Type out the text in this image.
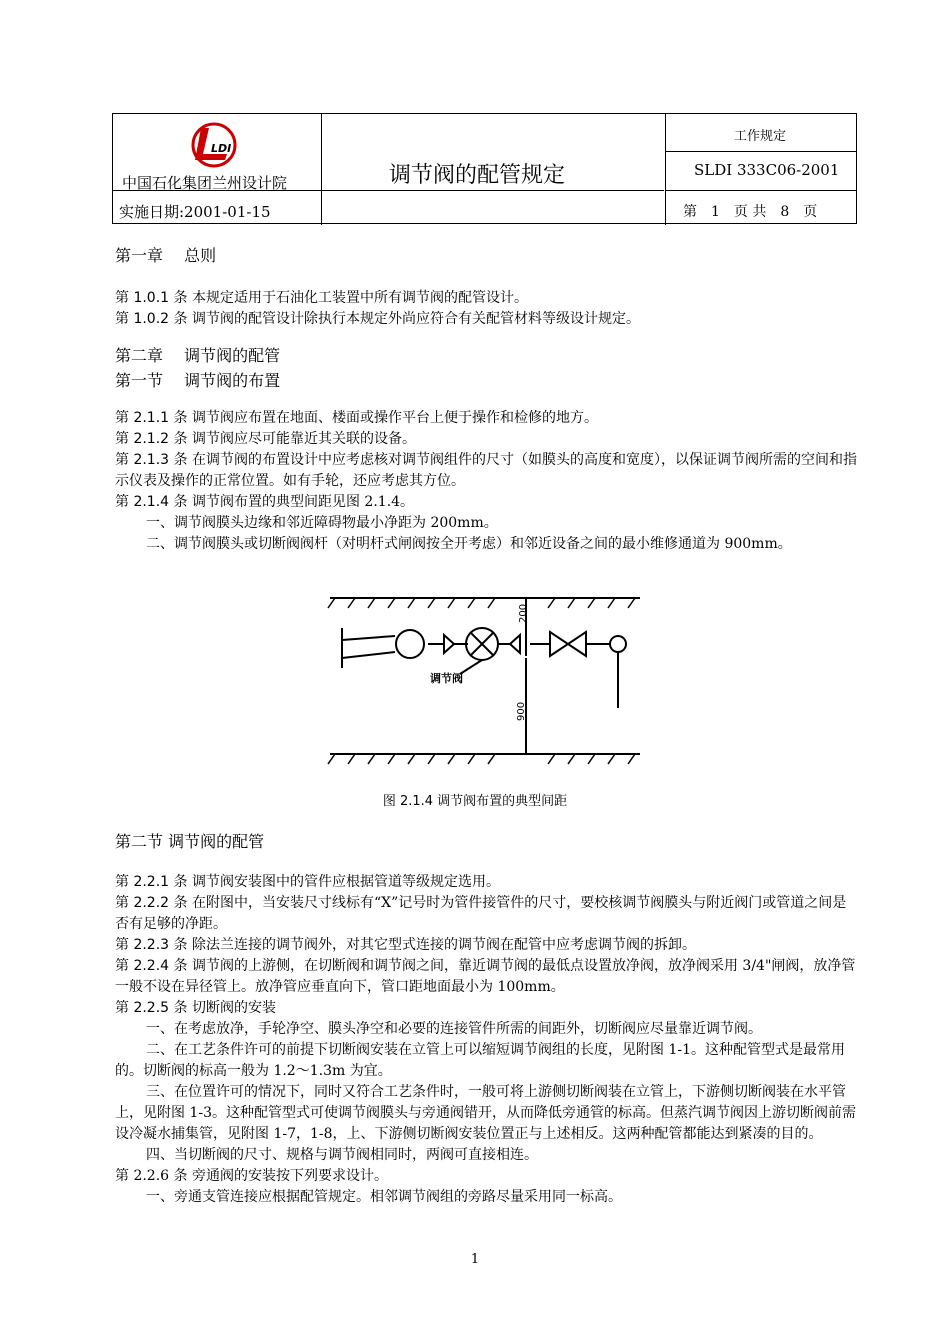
LDI
中国石化集团兰州设计院
实施日期:2001-01-15
调节阀的配管规定
工作规定
SLDI 333C06-2001
第　1　页 共　8　页

第一章　 总则

第 1.0.1 条 本规定适用于石油化工装置中所有调节阀的配管设计。

第 1.0.2 条 调节阀的配管设计除执行本规定外尚应符合有关配管材料等级设计规定。

第二章　 调节阀的配管

第一节　 调节阀的布置

第 2.1.1 条 调节阀应布置在地面、楼面或操作平台上便于操作和检修的地方。

第 2.1.2 条 调节阀应尽可能靠近其关联的设备。

第 2.1.3 条 在调节阀的布置设计中应考虑核对调节阀组件的尺寸（如膜头的高度和宽度），以保证调节阀所需的空间和指示仪表及操作的正常位置。如有手轮，还应考虑其方位。

第 2.1.4 条 调节阀布置的典型间距见图 2.1.4。

一、调节阀膜头边缘和邻近障碍物最小净距为 200mm。

二、调节阀膜头或切断阀阀杆（对明杆式闸阀按全开考虑）和邻近设备之间的最小维修通道为 900mm。

200
900
调节阀
图 2.1.4 调节阀布置的典型间距

第二节 调节阀的配管

第 2.2.1 条 调节阀安装图中的管件应根据管道等级规定选用。

第 2.2.2 条 在附图中，当安装尺寸线标有“X”记号时为管件接管件的尺寸，要校核调节阀膜头与附近阀门或管道之间是否有足够的净距。

第 2.2.3 条 除法兰连接的调节阀外，对其它型式连接的调节阀在配管中应考虑调节阀的拆卸。

第 2.2.4 条 调节阀的上游侧，在切断阀和调节阀之间，靠近调节阀的最低点设置放净阀，放净阀采用 3/4"闸阀，放净管一般不设在异径管上。放净管应垂直向下，管口距地面最小为 100mm。

第 2.2.5 条 切断阀的安装

一、在考虑放净，手轮净空、膜头净空和必要的连接管件所需的间距外，切断阀应尽量靠近调节阀。

二、在工艺条件许可的前提下切断阀安装在立管上可以缩短调节阀组的长度，见附图 1-1。这种配管型式是最常用的。切断阀的标高一般为 1.2～1.3m 为宜。

三、在位置许可的情况下，同时又符合工艺条件时，一般可将上游侧切断阀装在立管上，下游侧切断阀装在水平管上，见附图 1-3。这种配管型式可使调节阀膜头与旁通阀错开，从而降低旁通管的标高。但蒸汽调节阀因上游切断阀前需设冷凝水捕集管，见附图 1-7，1-8，上、下游侧切断阀安装位置正与上述相反。这两种配管都能达到紧凑的目的。

四、当切断阀的尺寸、规格与调节阀相同时，两阀可直接相连。

第 2.2.6 条 旁通阀的安装按下列要求设计。

一、旁通支管连接应根据配管规定。相邻调节阀组的旁路尽量采用同一标高。

1
